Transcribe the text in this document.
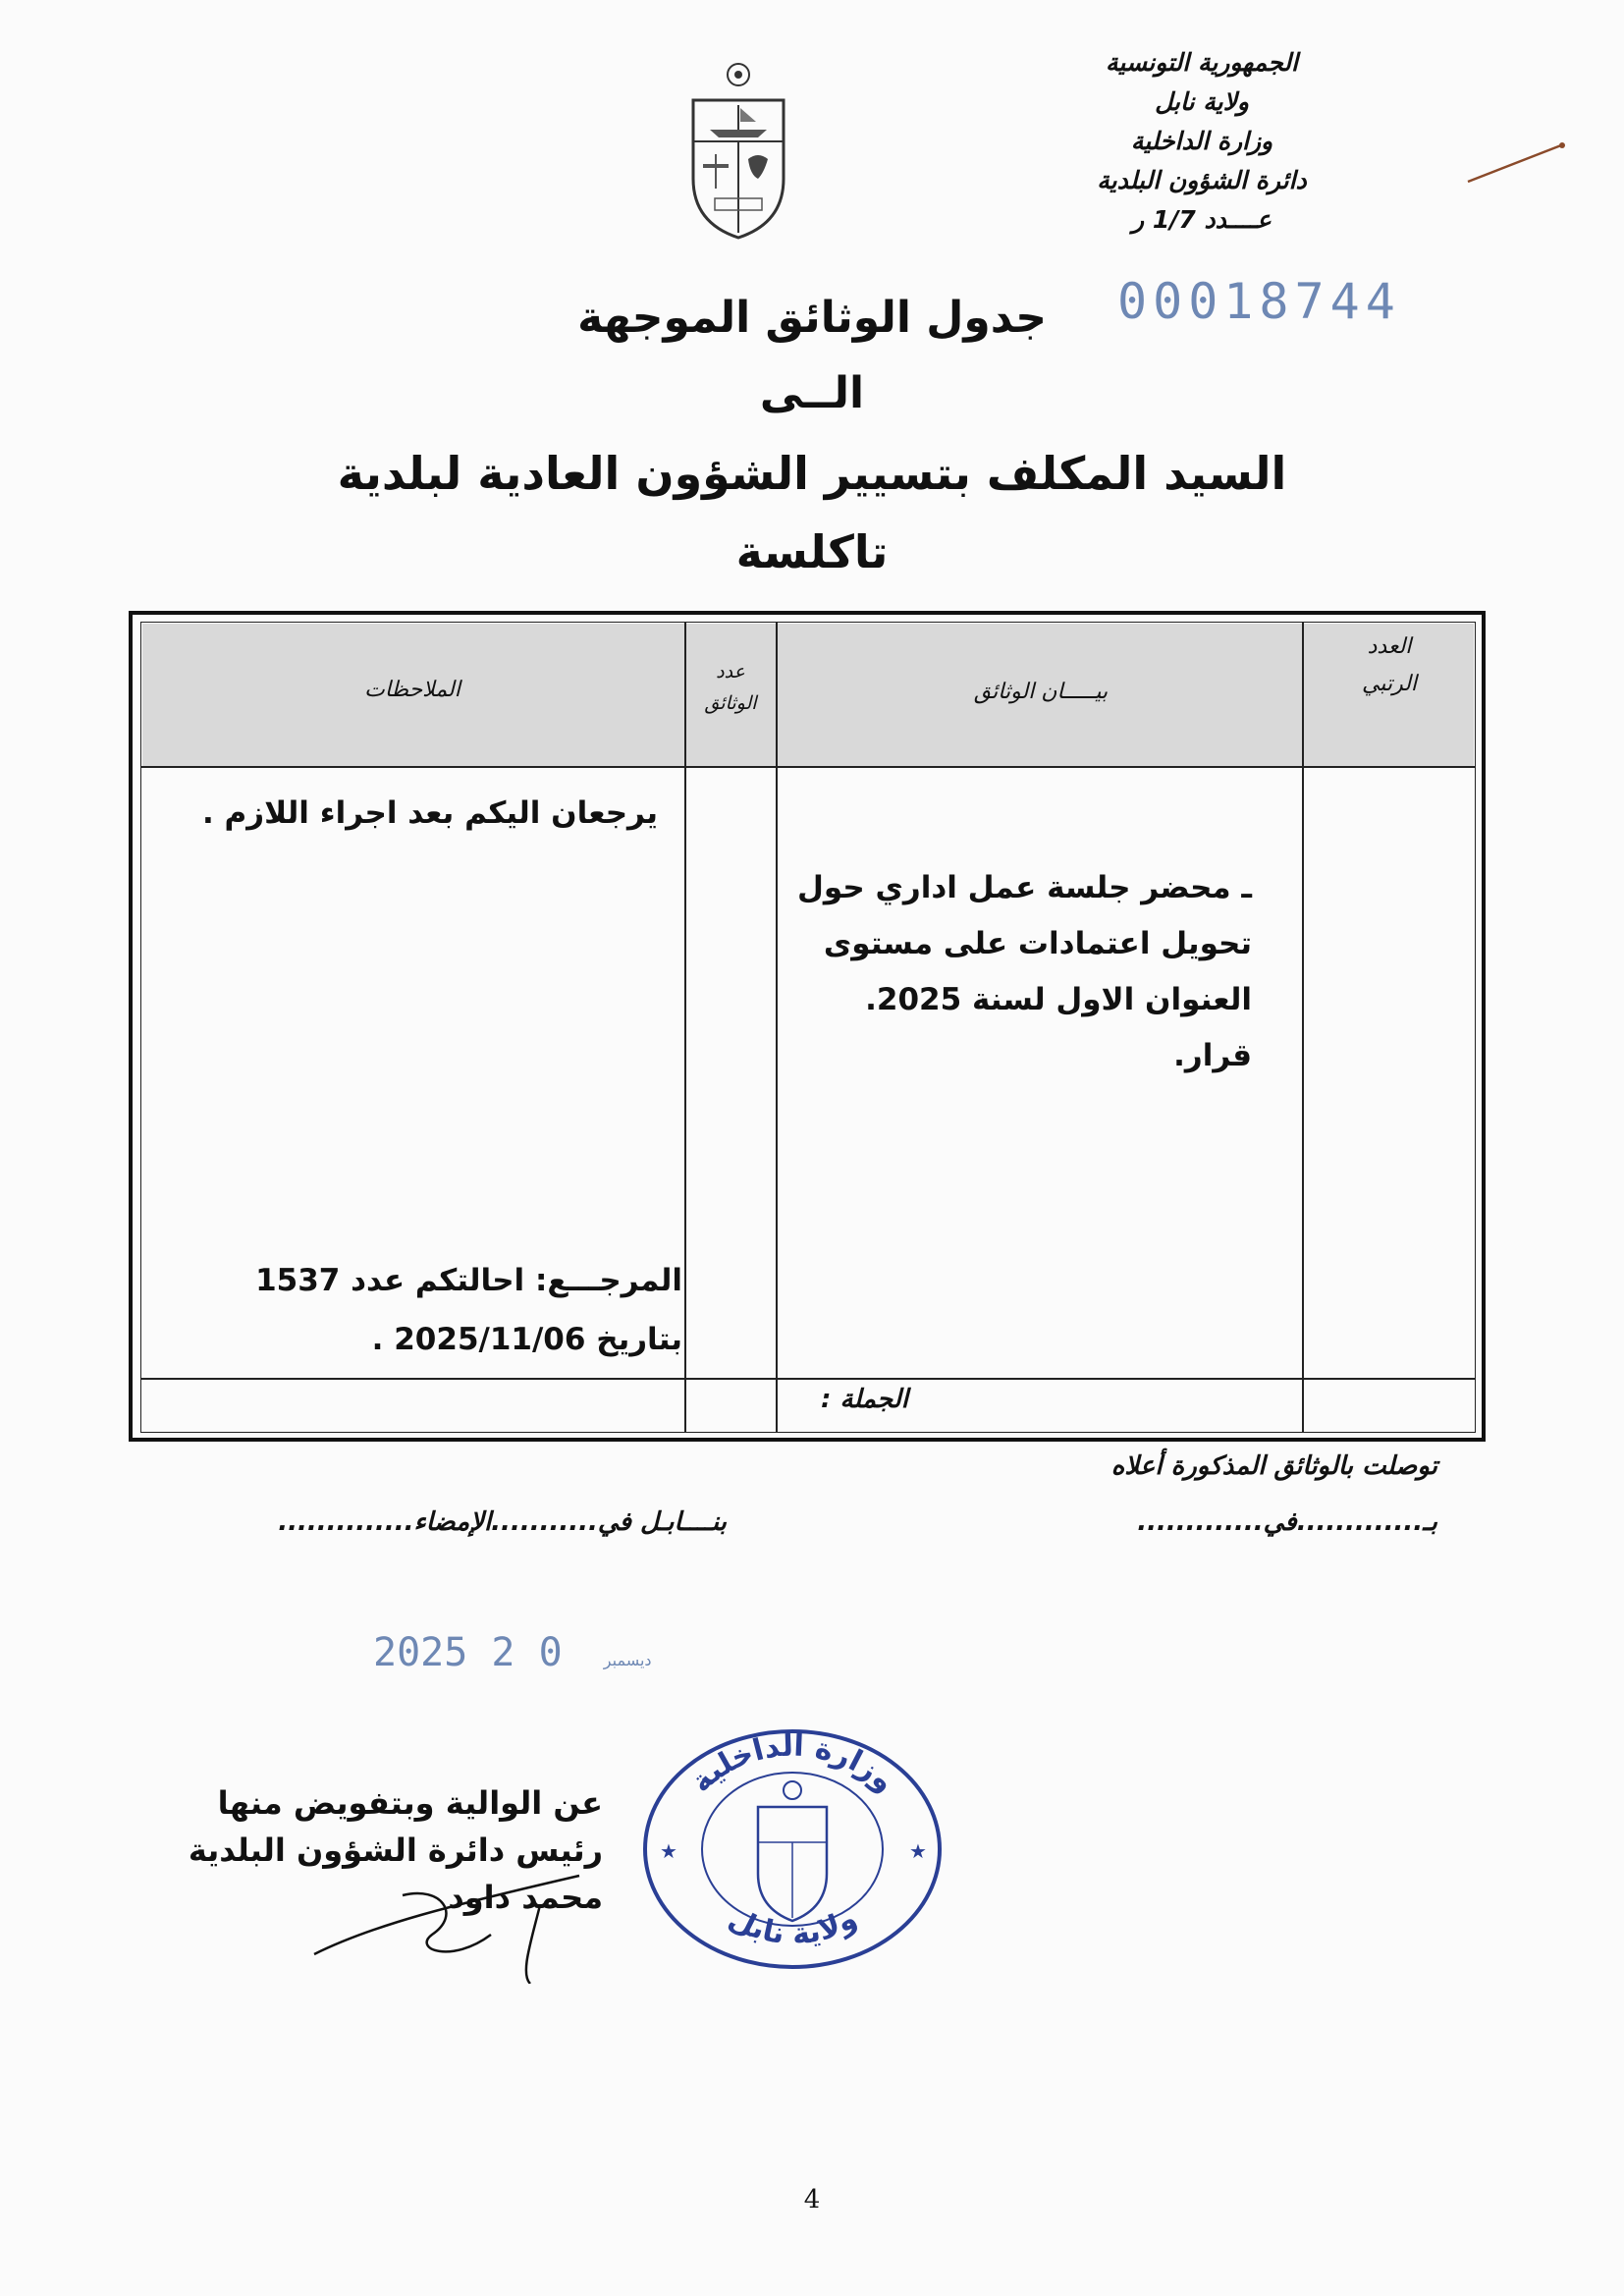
الجمهورية التونسية
ولاية نابل
وزارة الداخلية
دائرة الشؤون البلدية
عــــدد 1/7 ر
00018744
جدول الوثائق الموجهة
الــى
السيد المكلف بتسيير الشؤون العادية لبلدية
تاكلسة
العدد
الرتبي
بيـــــان الوثائق
عدد
الوثائق
الملاحظات
ـ محضر جلسة عمل اداري حول
تحويل اعتمادات على مستوى
العنوان الاول لسنة 2025.
قرار.
يرجعان اليكم بعد اجراء اللازم .
المرجـــع: احالتكم عدد 1537
بتاريخ 2025/11/06 .
الجملة :
توصلت بالوثائق المذكورة أعلاه
بـ.............في.............
بنــــابـل في...........الإمضاء..............
2025	ديسمبر 0 2
وزارة الداخلية
ولاية نابل
★	★
عن الوالية وبتفويض منها
رئيس دائرة الشؤون البلدية
محمد داود
4
